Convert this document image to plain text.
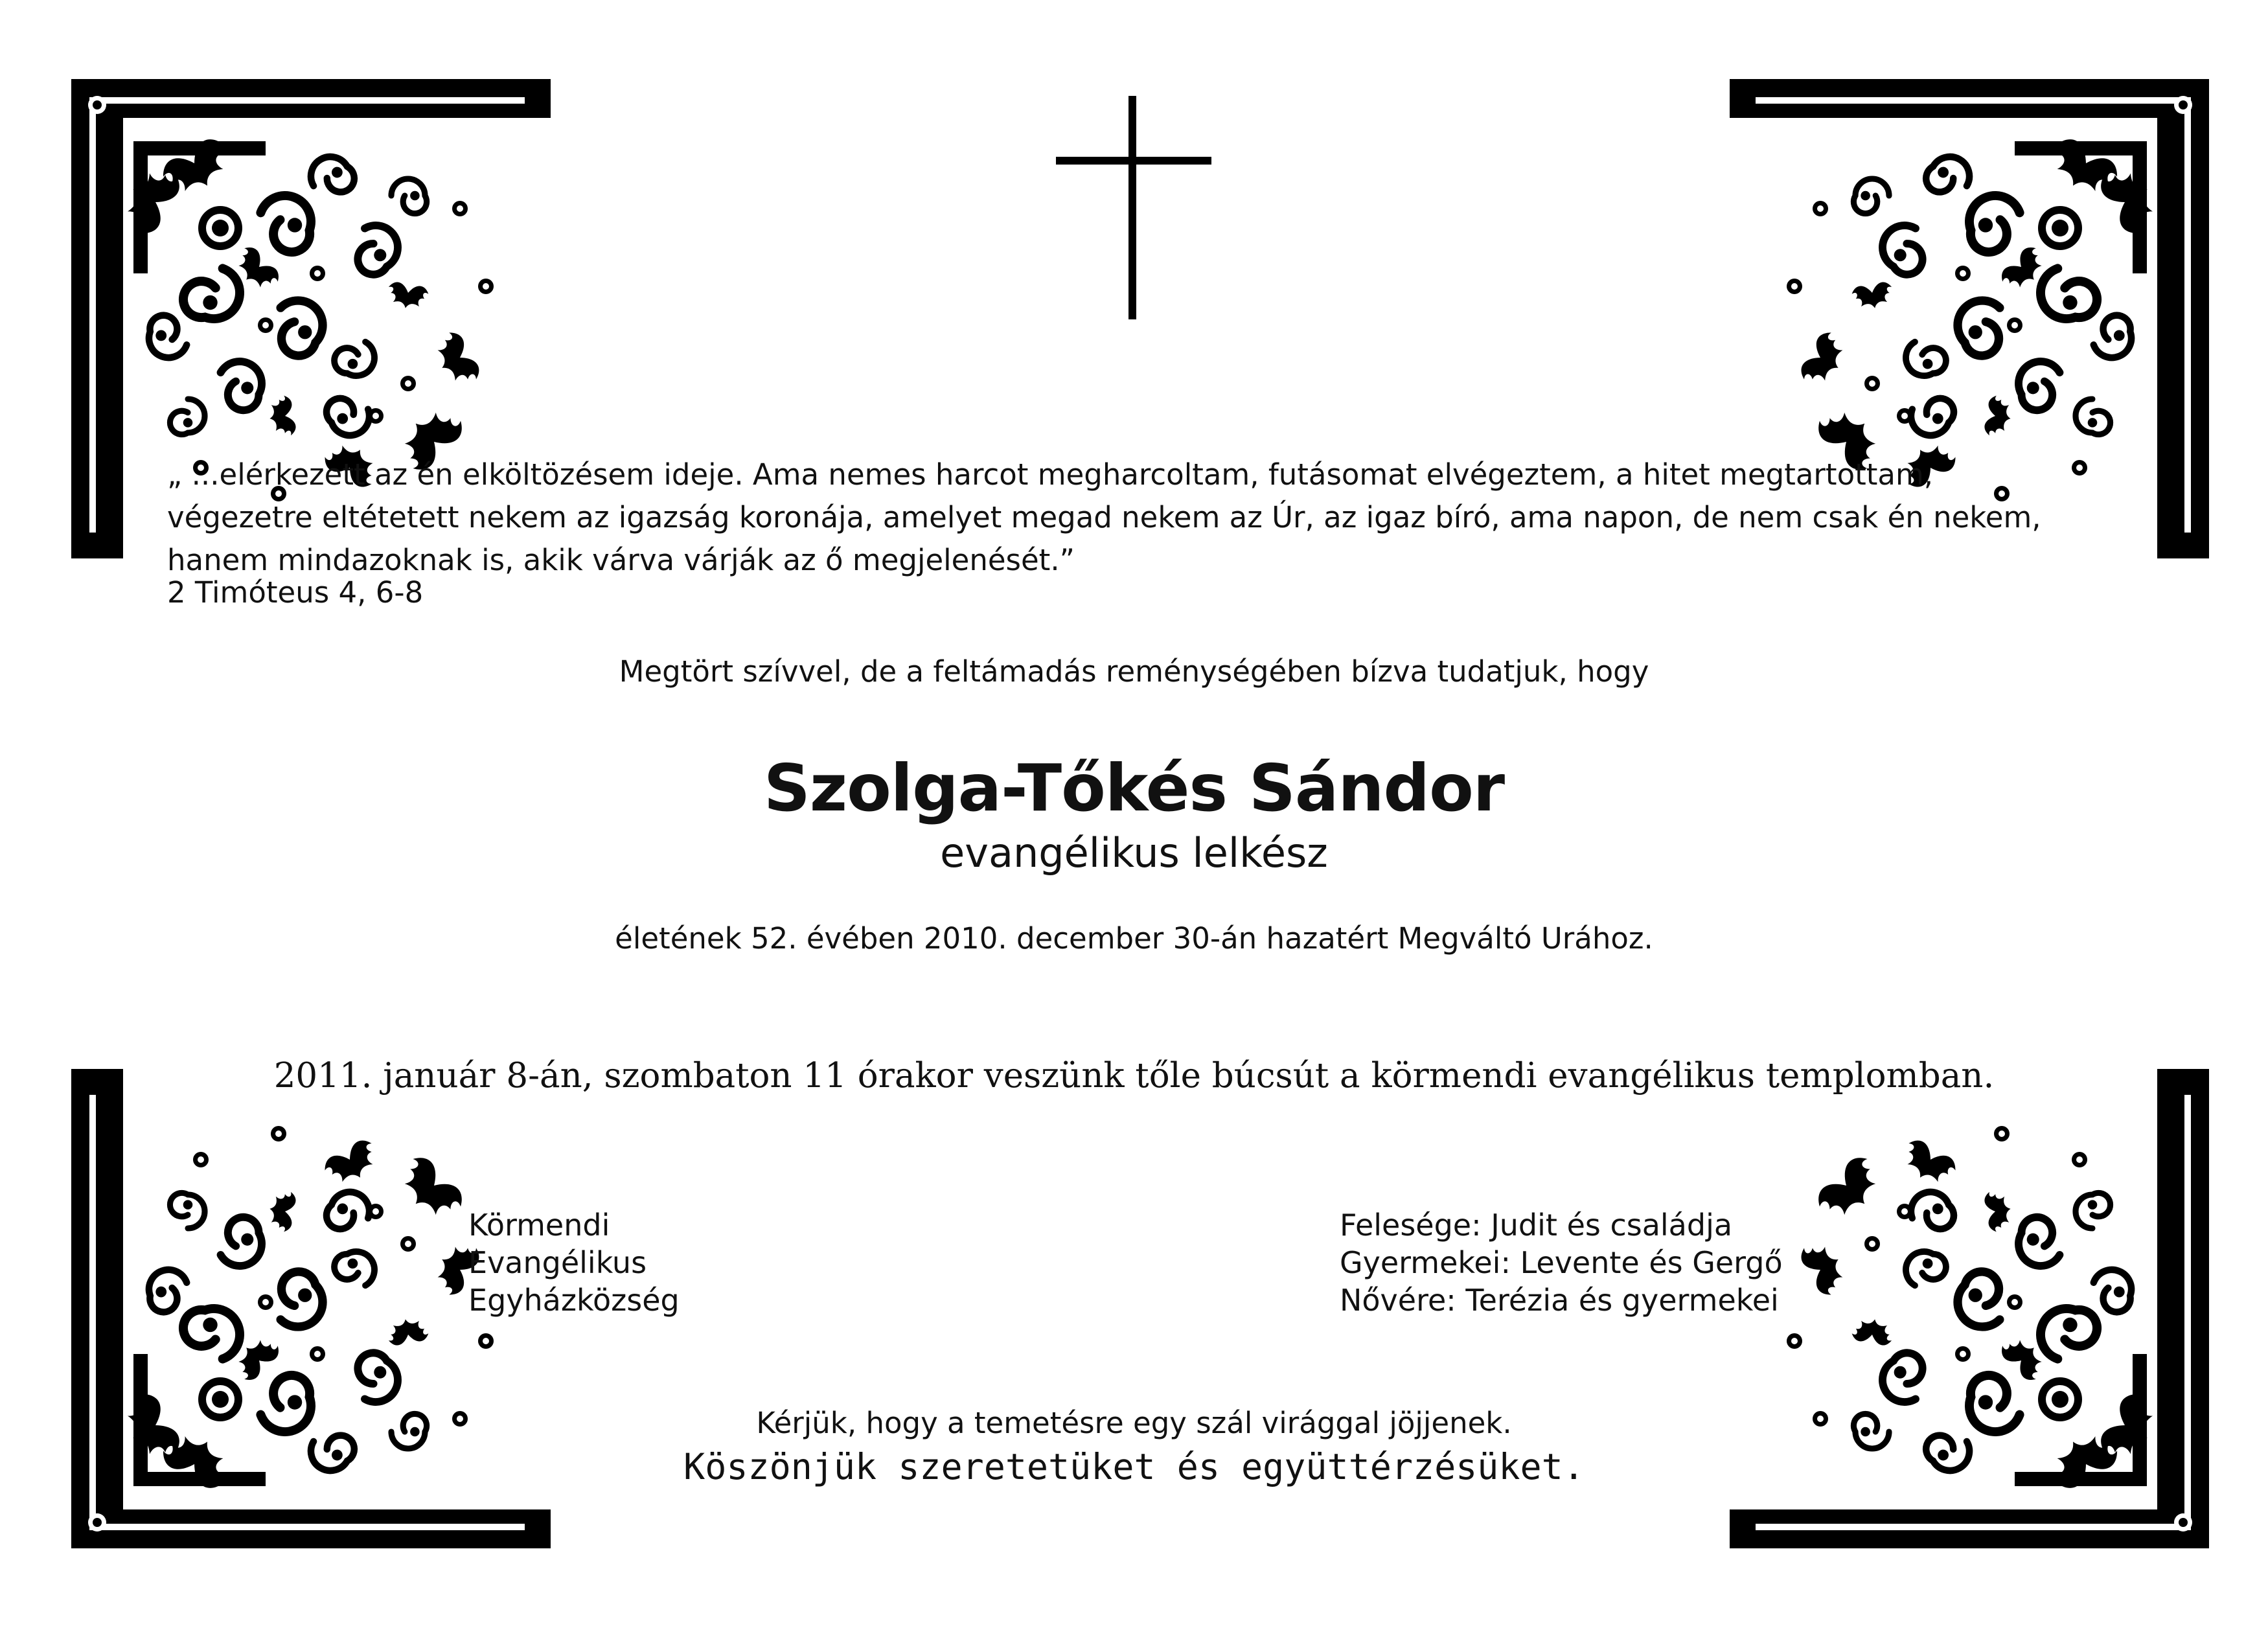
„ ...elérkezett az én elköltözésem ideje. Ama nemes harcot megharcoltam, futásomat elvégeztem, a hitet megtartottam,
végezetre eltétetett nekem az igazság koronája, amelyet megad nekem az Úr, az igaz bíró, ama napon, de nem csak én nekem,
hanem mindazoknak is, akik várva várják az ő megjelenését.”
2 Timóteus 4, 6-8
Megtört szívvel, de a feltámadás reménységében bízva tudatjuk, hogy
Szolga-Tőkés Sándor
evangélikus lelkész
életének 52. évében 2010. december 30-án hazatért Megváltó Urához.
2011. január 8-án, szombaton 11 órakor veszünk tőle búcsút a körmendi evangélikus templomban.
Körmendi
Evangélikus
Egyházközség
Felesége: Judit és családja
Gyermekei: Levente és Gergő
Nővére: Terézia és gyermekei
Kérjük, hogy a temetésre egy szál virággal jöjjenek.
Köszönjük szeretetüket és együttérzésüket.
